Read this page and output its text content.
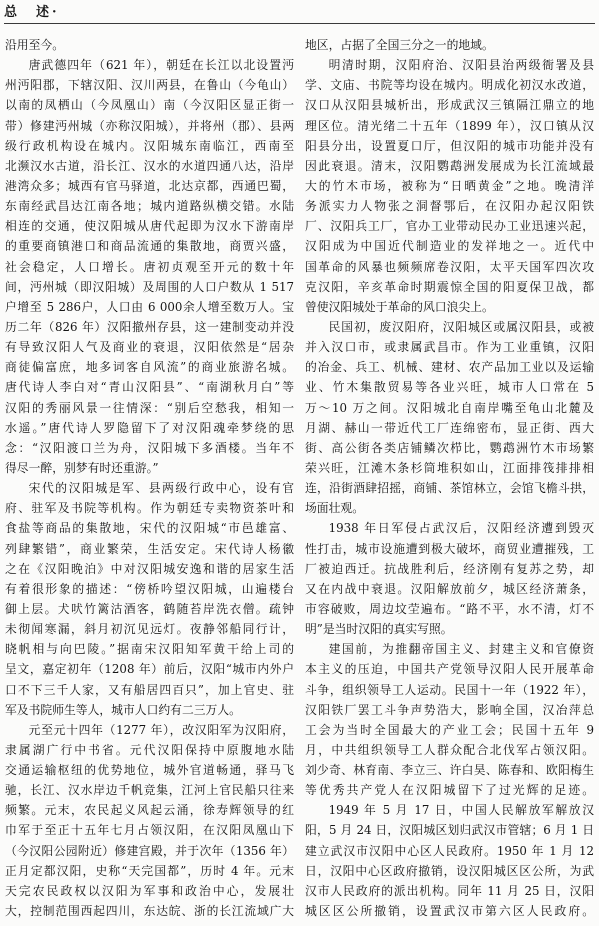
总　述·
沿用至今。
唐武德四年（621 年），朝廷在长江以北设置沔
州沔阳郡，下辖汉阳、汉川两县，在鲁山（今龟山）
以南的凤栖山（今凤凰山）南（今汉阳区显正街一
带）修建沔州城（亦称汉阳城），并将州（郡）、县两
级行政机构设在城内。汉阳城东南临江，西南至
北濒汉水古道，沿长江、汉水的水道四通八达，沿岸
港湾众多；城西有官马驿道，北达京都，西通巴蜀，
东南经武昌达江南各地；城内道路纵横交错。水陆
相连的交通，使汉阳城从唐代起即为汉水下游南岸
的重要商镇港口和商品流通的集散地，商贾兴盛，
社会稳定，人口增长。唐初贞观至开元的数十年
间，沔州城（即汉阳城）及周围的人口户数从 1 517
户增至 5 286户，人口由 6 000余人增至数万人。宝
历二年（826 年）汉阳撤州存县，这一建制变动并没
有导致汉阳人气及商业的衰退，汉阳依然是“居杂
商徒偏富庶，地多词客自风流”的商业旅游名城。
唐代诗人李白对“青山汉阳县”、“南湖秋月白”等
汉阳的秀丽风景一往情深：“别后空愁我，相知一
水遥。”唐代诗人罗隐留下了对汉阳魂牵梦绕的思
念：“汉阳渡口兰为舟，汉阳城下多酒楼。当年不
得尽一醉，别梦有时还重游。”
宋代的汉阳城是军、县两级行政中心，设有官
府、驻军及书院等机构。作为朝廷专卖物资茶叶和
食盐等商品的集散地，宋代的汉阳城“市邑雄富、
列肆繁错”，商业繁荣，生活安定。宋代诗人杨徽
之在《汉阳晚泊》中对汉阳城安逸和谐的居家生活
有着很形象的描述：“傍桥吟望汉阳城，山遍楼台
御上层。犬吠竹篱沽酒客，鹤随苔岸洗衣僧。疏钟
未彻闻寒漏，斜月初沉见远灯。夜静邻船同行计，
晓帆相与向巴陵。”据南宋汉阳知军黄干给上司的
呈文，嘉定初年（1208 年）前后，汉阳“城市内外户
口不下三千人家，又有船居四百只”，加上官史、驻
军及书院师生等人，城市人口约有二三万人。
元至元十四年（1277 年），改汉阳军为汉阳府，
隶属湖广行中书省。元代汉阳保持中原腹地水陆
交通运输枢纽的优势地位，城外官道畅通，驿马飞
驰，长江、汉水岸边千帆竞集，江河上官民船只往来
频繁。元末，农民起义风起云涌，徐寿辉领导的红
巾军于至正十五年七月占领汉阳，在汉阳凤凰山下
（今汉阳公园附近）修建宫殿，并于次年（1356 年）
正月定都汉阳，史称“天完国都”，历时 4 年。元末
天完农民政权以汉阳为军事和政治中心，发展壮
大，控制范围西起四川，东达皖、浙的长江流域广大
地区，占据了全国三分之一的地域。
明清时期，汉阳府治、汉阳县治两级衙署及县
学、文庙、书院等均设在城内。明成化初汉水改道，
汉口从汉阳县城析出，形成武汉三镇隔江鼎立的地
理区位。清光绪二十五年（1899 年），汉口镇从汉
阳县分出，设置夏口厅，但汉阳的城市功能并没有
因此衰退。清末，汉阳鹦鹉洲发展成为长江流域最
大的竹木市场，被称为“日晒黄金”之地。晚清洋
务派实力人物张之洞督鄂后，在汉阳办起汉阳铁
厂、汉阳兵工厂，官办工业带动民办工业迅速兴起，
汉阳成为中国近代制造业的发祥地之一。近代中
国革命的风暴也频频席卷汉阳，太平天国军四次攻
克汉阳，辛亥革命时期震惊全国的阳夏保卫战，都
曾使汉阳城处于革命的风口浪尖上。
民国初，废汉阳府，汉阳城区或属汉阳县，或被
并入汉口市，或隶属武昌市。作为工业重镇，汉阳
的冶金、兵工、机械、建材、农产品加工业以及运输
业、竹木集散贸易等各业兴旺，城市人口常在 5
万～10 万之间。汉阳城北自南岸嘴至龟山北麓及
月湖、赫山一带近代工厂连绵密布，显正街、西大
街、高公街各类店铺鳞次栉比，鹦鹉洲竹木市场繁
荣兴旺，江滩木条杉筒堆积如山，江面排筏排排相
连，沿街酒肆招摇，商铺、茶馆林立，会馆飞檐斗拱，
场面壮观。
1938 年日军侵占武汉后，汉阳经济遭到毁灭
性打击，城市设施遭到极大破坏，商贸业遭摧残，工
厂被迫西迁。抗战胜利后，经济刚有复苏之势，却
又在内战中衰退。汉阳解放前夕，城区经济萧条，
市容破败，周边坟茔遍布。“路不平，水不清，灯不
明”是当时汉阳的真实写照。
建国前，为推翻帝国主义、封建主义和官僚资
本主义的压迫，中国共产党领导汉阳人民开展革命
斗争，组织领导工人运动。民国十一年（1922 年），
汉阳铁厂罢工斗争声势浩大，影响全国，汉冶萍总
工会为当时全国最大的产业工会；民国十五年 9
月，中共组织领导工人群众配合北伐军占领汉阳。
刘少奇、林育南、李立三、许白昊、陈春和、欧阳梅生
等优秀共产党人在汉阳城留下了过光辉的足迹。
1949 年 5 月 17 日，中国人民解放军解放汉
阳，5 月 24 日，汉阳城区划归武汉市管辖；6 月 1 日
建立武汉市汉阳中心区人民政府。1950 年 1 月 12
日，汉阳中心区政府撤销，设汉阳城区区公所，为武
汉市人民政府的派出机构。同年 11 月 25 日，汉阳
城区区公所撤销，设置武汉市第六区人民政府。
